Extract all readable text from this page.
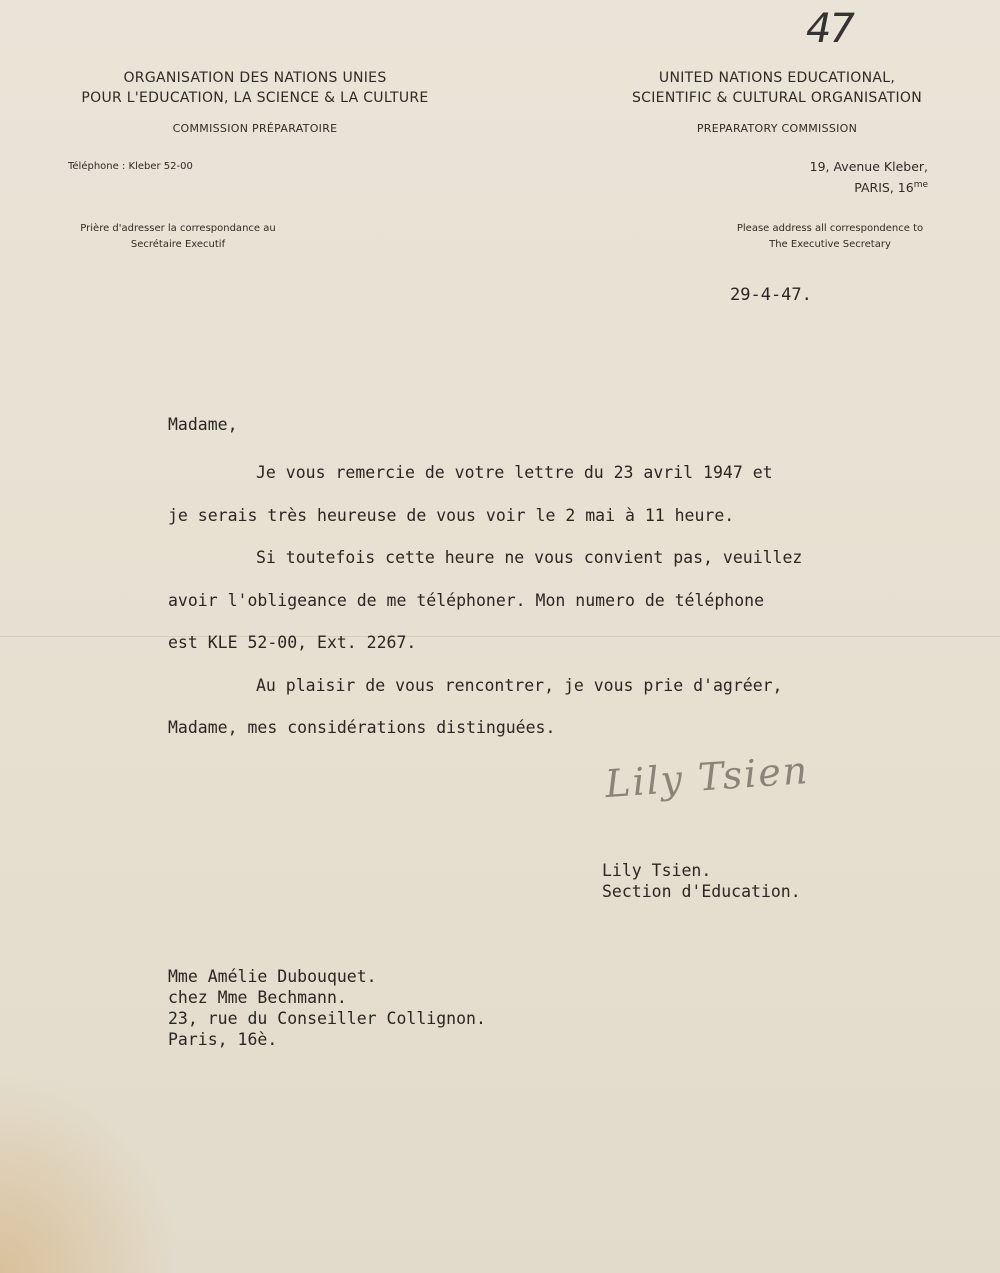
47
ORGANISATION DES NATIONS UNIES
POUR L'EDUCATION, LA SCIENCE & LA CULTURE
COMMISSION PRÉPARATOIRE
UNITED NATIONS EDUCATIONAL,
SCIENTIFIC & CULTURAL ORGANISATION
PREPARATORY COMMISSION
Téléphone : Kleber 52-00	19, Avenue Kleber,
PARIS, $16^{me}$
Prière d'adresser la correspondance au
Secrétaire Executif
Please address all correspondence to
The Executive Secretary
29-4-47.
Madame,
Je vous remercie de votre lettre du 23 avril 1947 et
je serais très heureuse de vous voir le 2 mai à 11 heure.
Si toutefois cette heure ne vous convient pas, veuillez
avoir l'obligeance de me téléphoner. Mon numero de téléphone
est KLE 52-00, Ext. 2267.
Au plaisir de vous rencontrer, je vous prie d'agréer,
Madame, mes considérations distinguées.
Lily Tsien
Lily Tsien.
Section d'Education.
Mme Amélie Dubouquet.
chez Mme Bechmann.
23, rue du Conseiller Collignon.
Paris, 16è.
